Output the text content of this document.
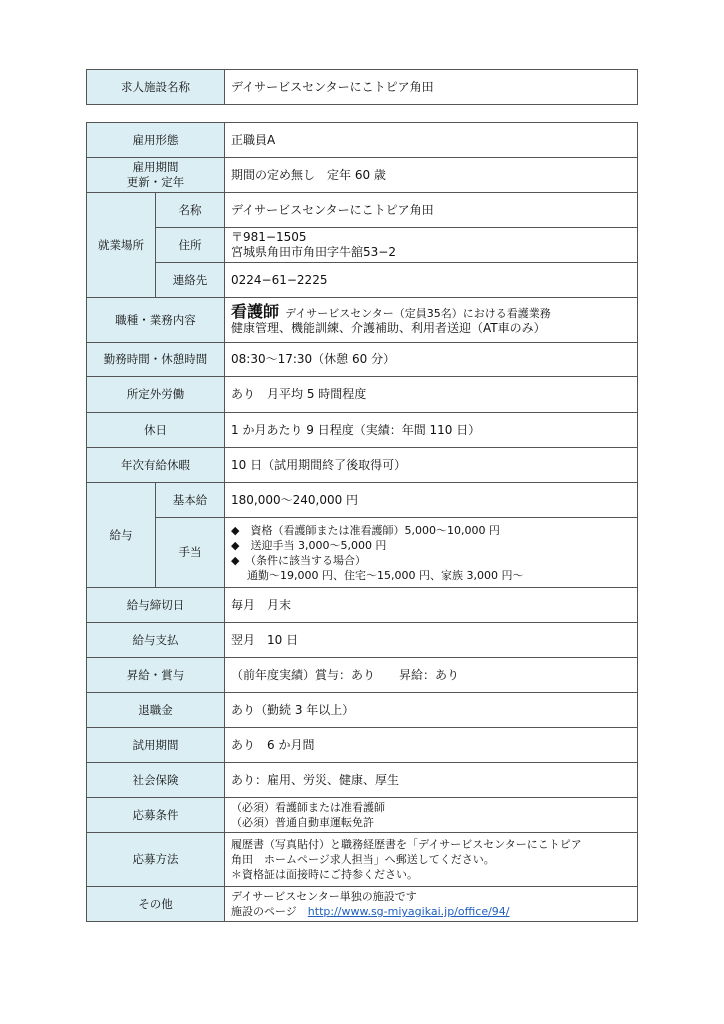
求人施設名称	デイサービスセンターにこトピア角田
雇用形態		正職員A

雇用期間
更新・定年		期間の定め無し　定年 60 歳
就業場所	名称	デイサービスセンターにこトピア角田
	住所	〒981−1505
宮城県角田市角田字牛舘53−2

	連絡先	0224−61−2225
職種・業務内容		看護師 デイサービスセンター（定員35名）における看護業務
健康管理、機能訓練、介護補助、利用者送迎（AT車のみ）

勤務時間・休憩時間		08:30〜17:30（休憩 60 分）
所定外労働		あり　月平均 5 時間程度
休日		1 か月あたり 9 日程度（実績：年間 110 日）
年次有給休暇		10 日（試用期間終了後取得可）
給与	基本給	180,000〜240,000 円
	手当	◆　資格（看護師または准看護師）5,000〜10,000 円
◆　送迎手当 3,000〜5,000 円
◆　（条件に該当する場合）
通勤〜19,000 円、住宅〜15,000 円、家族 3,000 円〜

給与締切日		毎月　月末
給与支払		翌月　10 日
昇給・賞与		（前年度実績）賞与：あり　　昇給：あり
退職金		あり（勤続 3 年以上）
試用期間		あり　6 か月間
社会保険		あり：雇用、労災、健康、厚生
応募条件		（必須）看護師または准看護師
（必須）普通自動車運転免許

応募方法		履歴書（写真貼付）と職務経歴書を「デイサービスセンターにこトピア
角田　ホームページ求人担当」へ郵送してください。
＊資格証は面接時にご持参ください。

その他		デイサービスセンター単独の施設です
施設のページ　 http://www.sg-miyagikai.jp/office/94/
